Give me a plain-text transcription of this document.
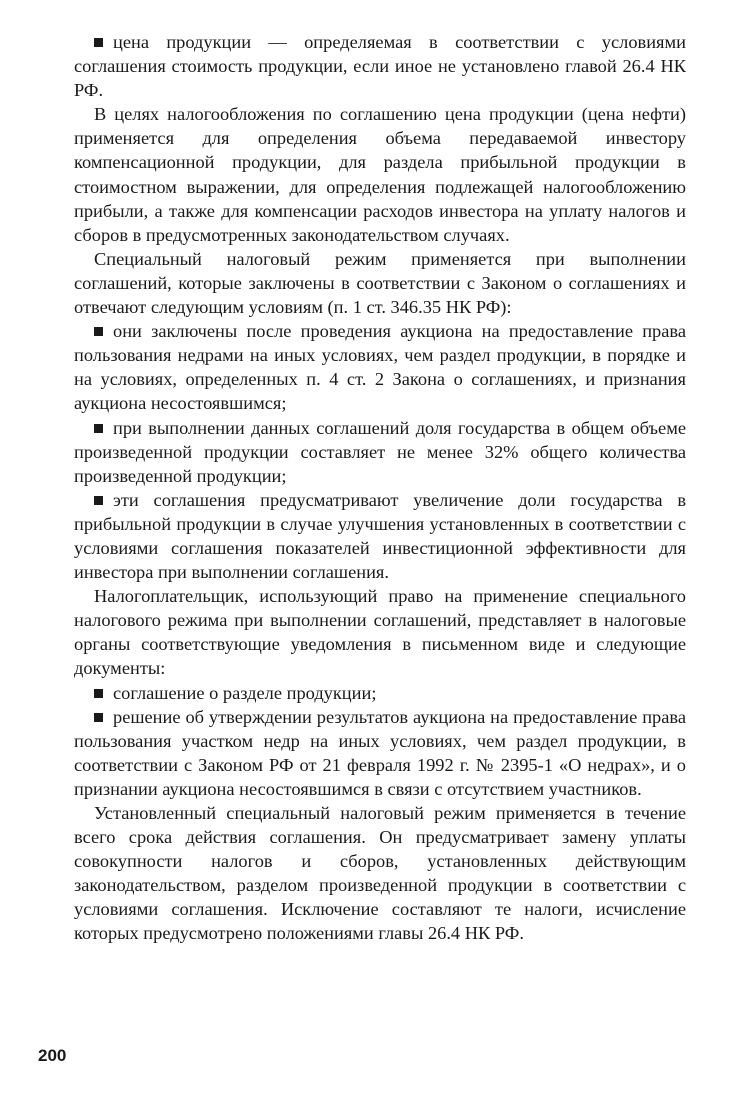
цена продукции — определяемая в соответствии с условиями соглашения стоимость продукции, если иное не установлено главой 26.4 НК РФ.

В целях налогообложения по соглашению цена продукции (цена нефти) применяется для определения объема передаваемой инвестору компенсационной продукции, для раздела прибыльной продукции в стоимостном выражении, для определения подлежащей налогообложению прибыли, а также для компенсации расходов инвестора на уплату налогов и сборов в предусмотренных законодательством случаях.

Специальный налоговый режим применяется при выполнении соглашений, которые заключены в соответствии с Законом о соглашениях и отвечают следующим условиям (п. 1 ст. 346.35 НК РФ):

они заключены после проведения аукциона на предоставление права пользования недрами на иных условиях, чем раздел продукции, в порядке и на условиях, определенных п. 4 ст. 2 Закона о соглашениях, и признания аукциона несостоявшимся;

при выполнении данных соглашений доля государства в общем объеме произведенной продукции составляет не менее 32% общего количества произведенной продукции;

эти соглашения предусматривают увеличение доли государства в прибыльной продукции в случае улучшения установленных в соответствии с условиями соглашения показателей инвестиционной эффективности для инвестора при выполнении соглашения.

Налогоплательщик, использующий право на применение специального налогового режима при выполнении соглашений, представляет в налоговые органы соответствующие уведомления в письменном виде и следующие документы:

соглашение о разделе продукции;

решение об утверждении результатов аукциона на предоставление права пользования участком недр на иных условиях, чем раздел продукции, в соответствии с Законом РФ от 21 февраля 1992 г. № 2395-1 «О недрах», и о признании аукциона несостоявшимся в связи с отсутствием участников.

Установленный специальный налоговый режим применяется в течение всего срока действия соглашения. Он предусматривает замену уплаты совокупности налогов и сборов, установленных действующим законодательством, разделом произведенной продукции в соответствии с условиями соглашения. Исключение составляют те налоги, исчисление которых предусмотрено положениями главы 26.4 НК РФ.

200
